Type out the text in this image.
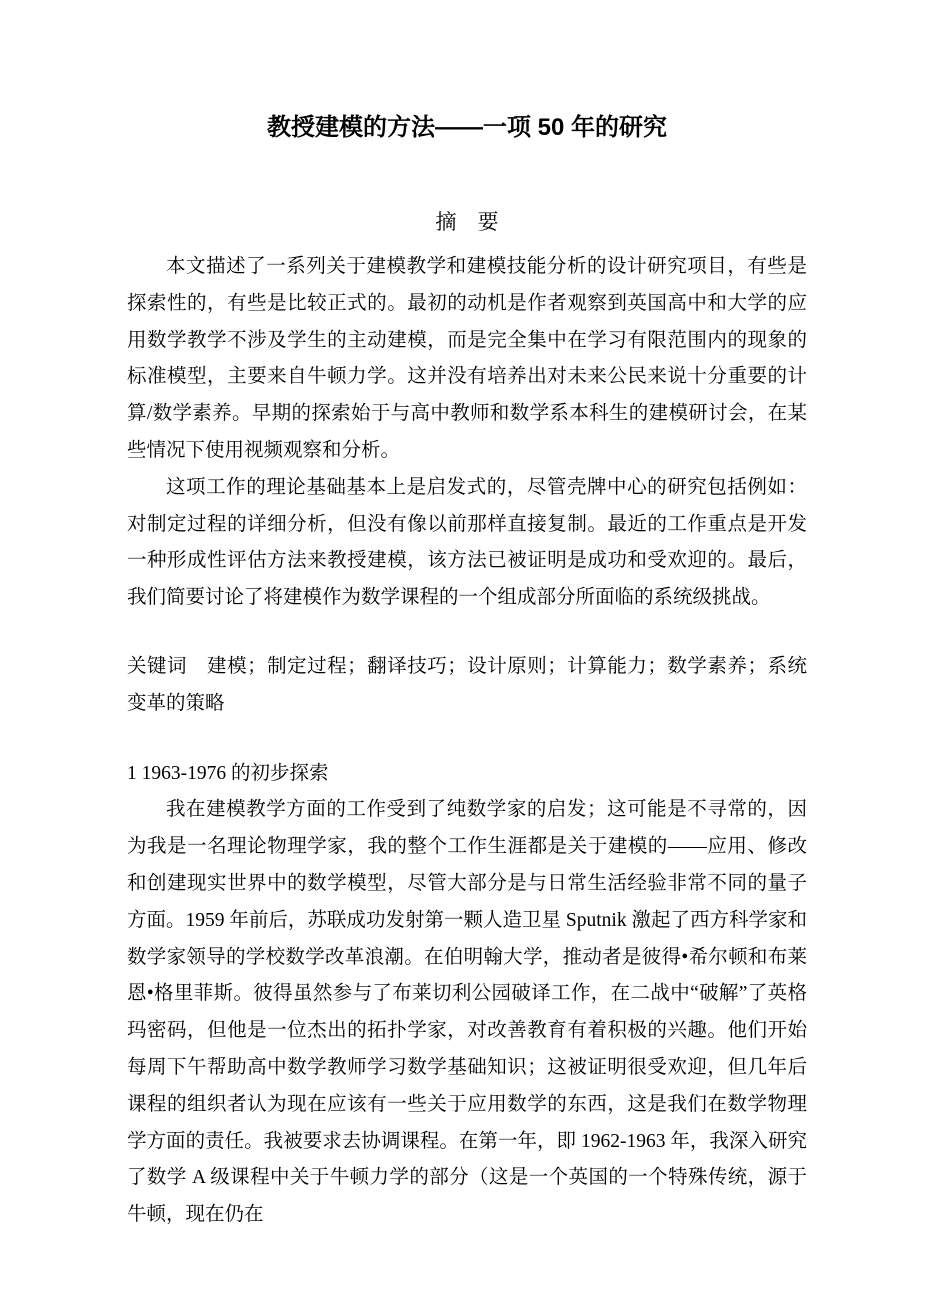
教授建模的方法——一项 50 年的研究
摘　要

本文描述了一系列关于建模教学和建模技能分析的设计研究项目，有些是探索性的，有些是比较正式的。最初的动机是作者观察到英国高中和大学的应用数学教学不涉及学生的主动建模，而是完全集中在学习有限范围内的现象的标准模型，主要来自牛顿力学。这并没有培养出对未来公民来说十分重要的计算/数学素养。早期的探索始于与高中教师和数学系本科生的建模研讨会，在某些情况下使用视频观察和分析。

这项工作的理论基础基本上是启发式的，尽管壳牌中心的研究包括例如：对制定过程的详细分析，但没有像以前那样直接复制。最近的工作重点是开发一种形成性评估方法来教授建模，该方法已被证明是成功和受欢迎的。最后，我们简要讨论了将建模作为数学课程的一个组成部分所面临的系统级挑战。

关键词　建模；制定过程；翻译技巧；设计原则；计算能力；数学素养；系统变革的策略

1 1963-1976 的初步探索

我在建模教学方面的工作受到了纯数学家的启发；这可能是不寻常的，因为我是一名理论物理学家，我的整个工作生涯都是关于建模的——应用、修改和创建现实世界中的数学模型，尽管大部分是与日常生活经验非常不同的量子方面。1959 年前后，苏联成功发射第一颗人造卫星 Sputnik 激起了西方科学家和数学家领导的学校数学改革浪潮。在伯明翰大学，推动者是彼得•希尔顿和布莱恩•格里菲斯。彼得虽然参与了布莱切利公园破译工作，在二战中“破解”了英格玛密码，但他是一位杰出的拓扑学家，对改善教育有着积极的兴趣。他们开始每周下午帮助高中数学教师学习数学基础知识；这被证明很受欢迎，但几年后课程的组织者认为现在应该有一些关于应用数学的东西，这是我们在数学物理学方面的责任。我被要求去协调课程。在第一年，即 1962-1963 年，我深入研究了数学 A 级课程中关于牛顿力学的部分（这是一个英国的一个特殊传统，源于牛顿，现在仍在
